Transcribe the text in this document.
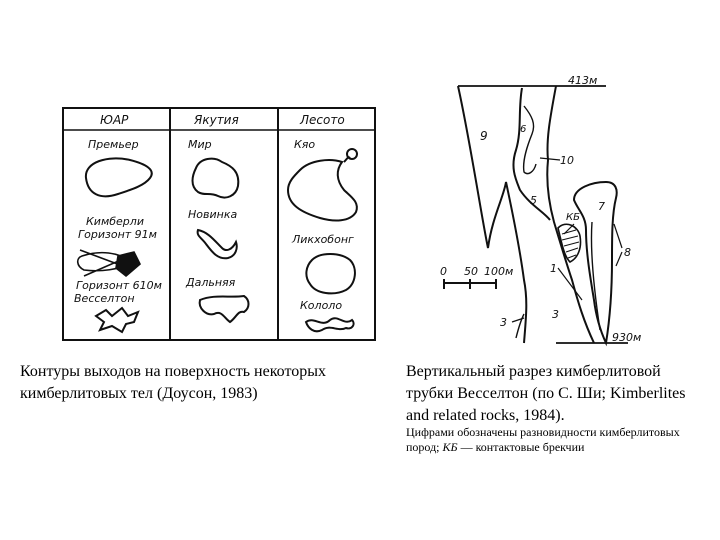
ЮАР	Якутия	Лесото
Премьер
Кимберли
Горизонт 91м
Горизонт 610м
Весселтон
Мир
Новинка
Дальняя
Кяо
Ликхобонг
Кололо
413м
930м
0 50 100м
9
10
5	7
8
1
3
3
6
КБ
Контуры выходов на поверхность некоторых кимберлитовых тел (Доусон, 1983)
Вертикальный разрез кимберлитовой трубки Весселтон (по С. Ши; Kimberlites and related rocks, 1984).
Цифрами обозначены разновидности кимберлитовых пород; КБ — контактовые брекчии
